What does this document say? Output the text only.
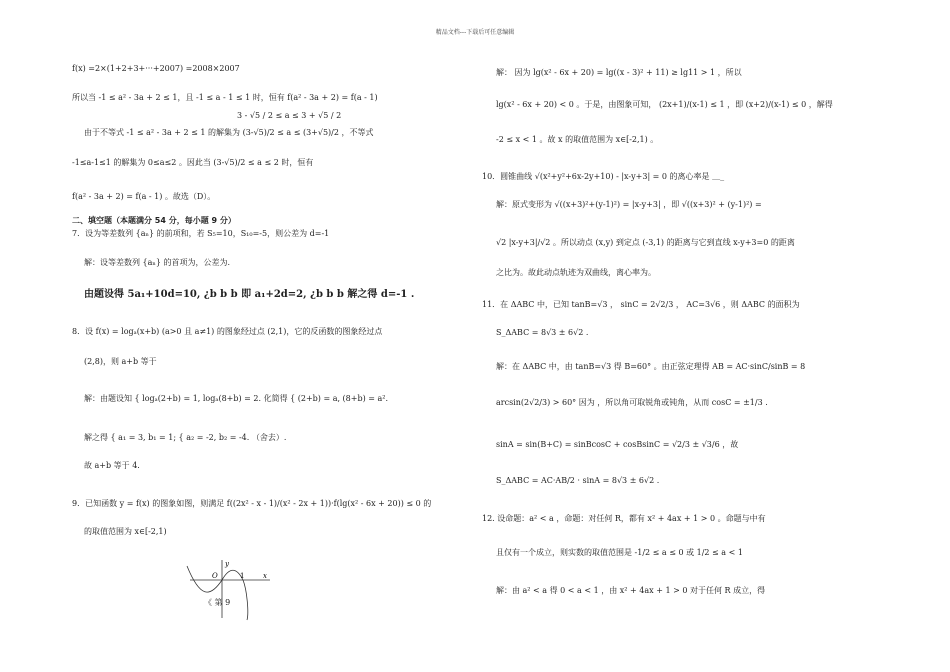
精品文档---下载后可任意编辑
f(x) =2×(1+2+3+···+2007) =2008×2007
所以当 -1 ≤ a² - 3a + 2 ≤ 1，且 -1 ≤ a - 1 ≤ 1 时，恒有 f(a² - 3a + 2) = f(a - 1)
3 - √5 / 2 ≤ a ≤ 3 + √5 / 2
由于不等式 -1 ≤ a² - 3a + 2 ≤ 1 的解集为 (3-√5)/2 ≤ a ≤ (3+√5)/2 ，不等式
-1≤a-1≤1 的解集为 0≤a≤2 。因此当 (3-√5)/2 ≤ a ≤ 2 时，恒有
f(a² - 3a + 2) = f(a - 1) 。故选（D）。
二、填空题（本题满分 54 分，每小题 9 分）
7．设为等差数列 {aₙ} 的前项和，若 S₅=10，S₁₀=-5，则公差为 d=-1
解：设等差数列 {aₙ} 的首项为，公差为.
由题设得 5a₁+10d=10, ¿b b b 即 a₁+2d=2, ¿b b b 解之得 d=-1 .
8．设 f(x) = logₐ(x+b) (a>0 且 a≠1) 的图象经过点 (2,1)，它的反函数的图象经过点
(2,8)，则 a+b 等于
解：由题设知 { logₐ(2+b) = 1, logₐ(8+b) = 2. 化简得 { (2+b) = a, (8+b) = a².
解之得 { a₁ = 3, b₁ = 1; { a₂ = -2, b₂ = -4. （舍去）.
故 a+b 等于 4.
9．已知函数 y = f(x) 的图象如图，则满足 f((2x² - x - 1)/(x² - 2x + 1))·f(lg(x² - 6x + 20)) ≤ 0 的
的取值范围为 x∈[-2,1)
《 第 9
y
O	1	x
解： 因为 lg(x² - 6x + 20) = lg((x - 3)² + 11) ≥ lg11 > 1 ，所以
lg(x² - 6x + 20) < 0 。于是，由图象可知， (2x+1)/(x-1) ≤ 1 ，即 (x+2)/(x-1) ≤ 0 ，解得
-2 ≤ x < 1 。故 x 的取值范围为 x∈[-2,1) 。
10．圆锥曲线 √(x²+y²+6x-2y+10) - |x-y+3| = 0 的离心率是 ＿_
解：原式变形为 √((x+3)²+(y-1)²) = |x-y+3| ，即 √((x+3)² + (y-1)²) =
√2 |x-y+3|/√2 。所以动点 (x,y) 到定点 (-3,1) 的距离与它到直线 x-y+3=0 的距离
之比为。故此动点轨迹为双曲线，离心率为。
11．在 ΔABC 中，已知 tanB=√3 ， sinC = 2√2/3 ， AC=3√6 ，则 ΔABC 的面积为
S_ΔABC = 8√3 ± 6√2 .
解：在 ΔABC 中，由 tanB=√3 得 B=60° 。由正弦定理得 AB = AC·sinC/sinB = 8
arcsin(2√2/3) > 60° 因为 ，所以角可取锐角或钝角，从而 cosC = ±1/3 .
sinA = sin(B+C) = sinBcosC + cosBsinC = √2/3 ± √3/6 ，故
S_ΔABC = AC·AB/2 · sinA = 8√3 ± 6√2 .
12. 设命题：a² < a ，命题：对任何 R，都有 x² + 4ax + 1 > 0 。命题与中有
且仅有一个成立，则实数的取值范围是 -1/2 ≤ a ≤ 0 或 1/2 ≤ a < 1
解：由 a² < a 得 0 < a < 1 ，由 x² + 4ax + 1 > 0 对于任何 R 成立，得
